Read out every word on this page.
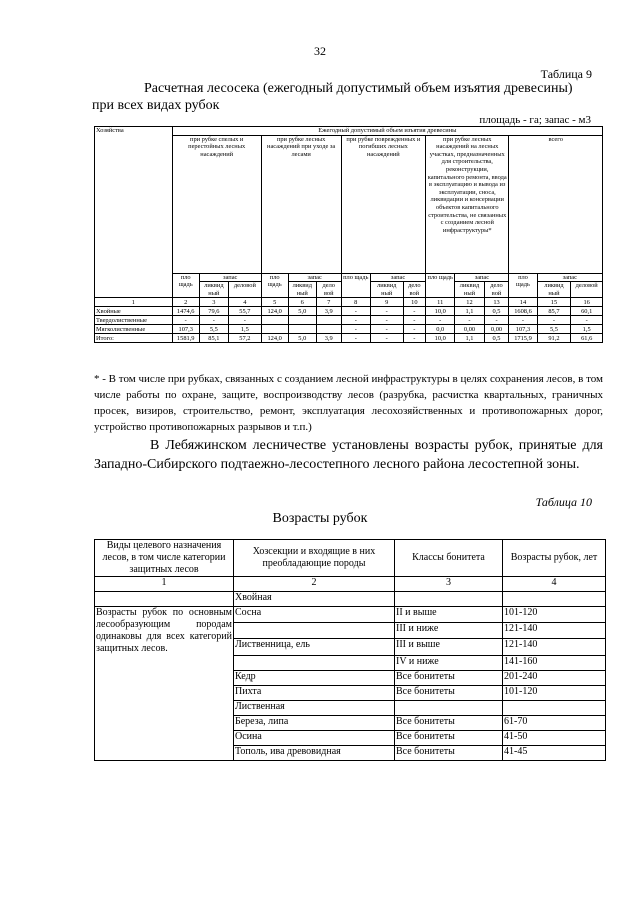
32
Таблица 9
Расчетная лесосека (ежегодный допустимый объем изъятия древесины)
при всех видах рубок
площадь - га; запас - м3
Хозяйства	Ежегодный допустимый объем изъятия древесины														
	при рубке спелых и перестойных лесных насаждений			при рубке лесных насаждений при уходе за лесами			при рубке поврежденных и погибших лесных насаждений			при рубке лесных насаждений на лесных участках, предназначенных для строительства, реконструкции, капитального ремонта, ввода в эксплуатацию и вывода из эксплуатации, сноса, ликвидации и консервации объектов капитального строительства, не связанных с созданием лесной инфраструктуры*			всего		
	пло щадь	запас		пло щадь	запас		пло щадь	запас		пло щадь	запас		пло щадь	запас	
		ликвид ный	деловой		ликвид ный	дело вой		ликвид ный	дело вой		ликвид ный	дело вой		ликвид ный	деловой
1	2	3	4	5	6	7	8	9	10	11	12	13	14	15	16
Хвойные	1474,6	79,6	55,7	124,0	5,0	3,9	-	-	-	10,0	1,1	0,5	1608,6	85,7	60,1
Твердолиственные	-	-	-				-	-	-	-	-	-	-	-	-
Мягколиственные	107,3	5,5	1,5				-	-	-	0,0	0,00	0,00	107,3	5,5	1,5
Итого:	1581,9	85,1	57,2	124,0	5,0	3,9	-	-	-	10,0	1,1	0,5	1715,9	91,2	61,6
* - В том числе при рубках, связанных с созданием лесной инфраструктуры в целях сохранения лесов, в том числе работы по охране, защите, воспроизводству лесов (разрубка, расчистка квартальных, граничных просек, визиров, строительство, ремонт, эксплуатация лесохозяйственных и противопожарных дорог, устройство противопожарных разрывов и т.п.)
В Лебяжинском лесничестве установлены возрасты рубок, принятые для Западно-Сибирского подтаежно-лесостепного лесного района лесостепной зоны.
Таблица 10
Возрасты рубок
Виды целевого назначения лесов, в том числе категории защитных лесов	Хозсекции и входящие в них преобладающие породы	Классы бонитета	Возрасты рубок, лет
1	2	3	4
	Хвойная		
Возрасты рубок по основным лесообразующим породам одинаковы для всех категорий защитных лесов.	Сосна	II и выше	101-120
		III и ниже	121-140
	Лиственница, ель	III и выше	121-140
		IV и ниже	141-160
	Кедр	Все бонитеты	201-240
	Пихта	Все бонитеты	101-120
	Лиственная		
	Береза, липа	Все бонитеты	61-70
	Осина	Все бонитеты	41-50
	Тополь, ива древовидная	Все бонитеты	41-45
